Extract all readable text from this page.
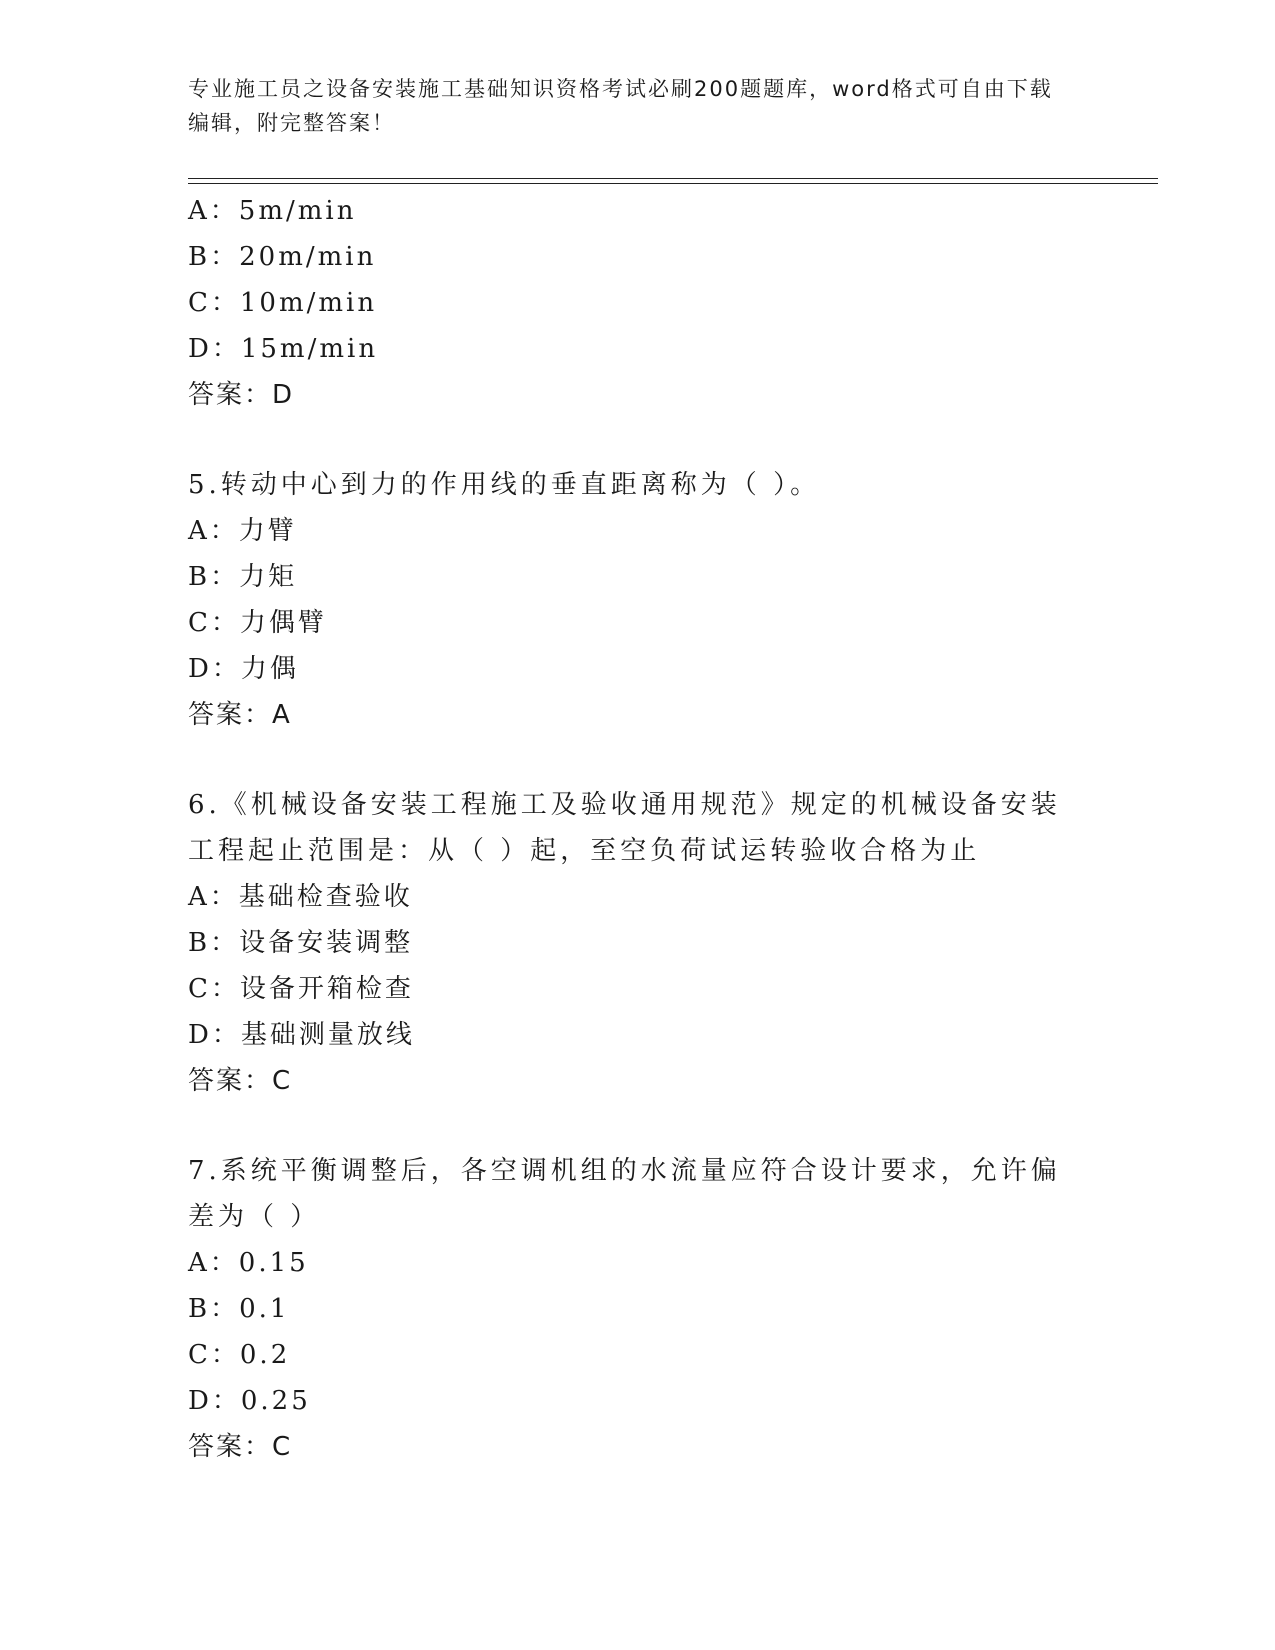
专业施工员之设备安装施工基础知识资格考试必刷200题题库，word格式可自由下载编辑，附完整答案！
A：5m/min
B：20m/min
C：10m/min
D：15m/min
答案：D
5.转动中心到力的作用线的垂直距离称为（ ）。
A：力臂
B：力矩
C：力偶臂
D：力偶
答案：A
6.《机械设备安装工程施工及验收通用规范》规定的机械设备安装工程起止范围是：从（ ）起，至空负荷试运转验收合格为止
A：基础检查验收
B：设备安装调整
C：设备开箱检查
D：基础测量放线
答案：C
7.系统平衡调整后，各空调机组的水流量应符合设计要求，允许偏差为（ ）
A：0.15
B：0.1
C：0.2
D：0.25
答案：C
